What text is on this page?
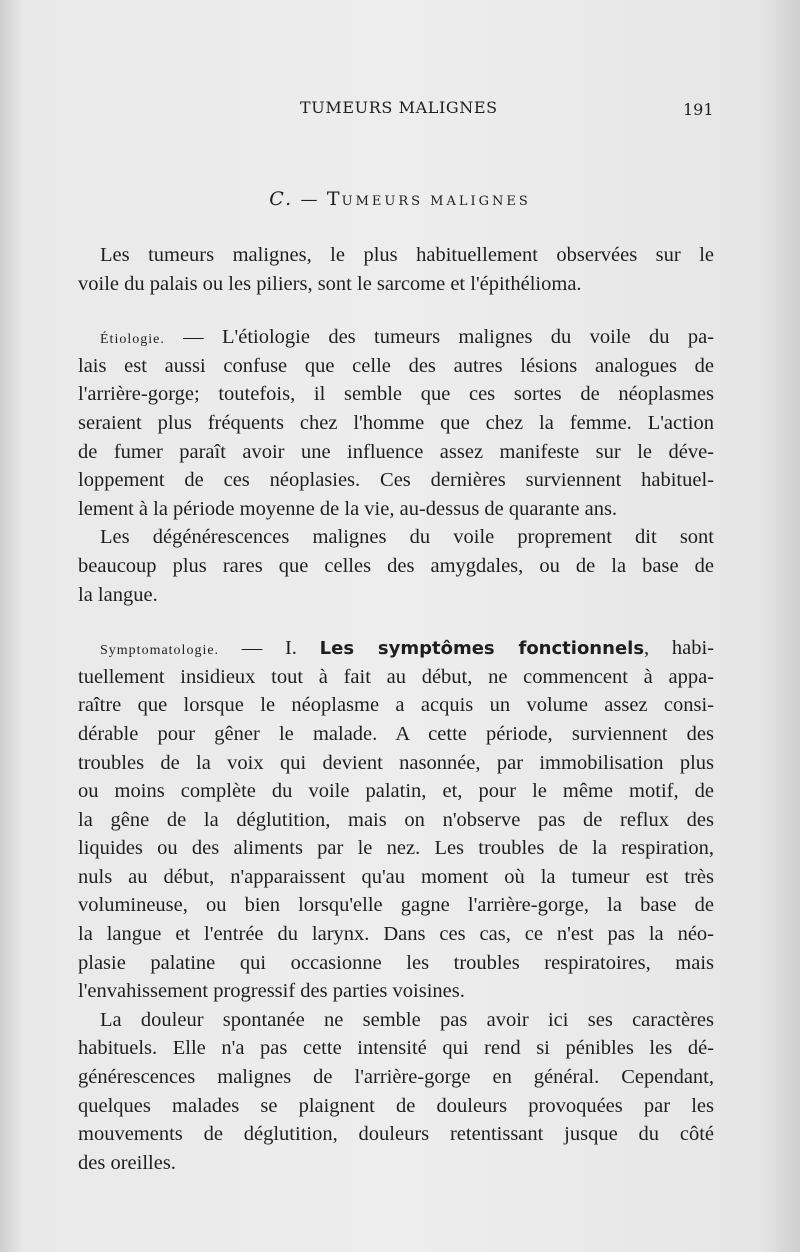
TUMEURS MALIGNES	191
C. — TUMEURS MALIGNES
Les tumeurs malignes, le plus habituellement observées sur le
voile du palais ou les piliers, sont le sarcome et l'épithélioma.
Étiologie. — L'étiologie des tumeurs malignes du voile du pa-
lais est aussi confuse que celle des autres lésions analogues de
l'arrière-gorge; toutefois, il semble que ces sortes de néoplasmes
seraient plus fréquents chez l'homme que chez la femme. L'action
de fumer paraît avoir une influence assez manifeste sur le déve-
loppement de ces néoplasies. Ces dernières surviennent habituel-
lement à la période moyenne de la vie, au-dessus de quarante ans.
Les dégénérescences malignes du voile proprement dit sont
beaucoup plus rares que celles des amygdales, ou de la base de
la langue.
Symptomatologie. — I. Les symptômes fonctionnels, habi-
tuellement insidieux tout à fait au début, ne commencent à appa-
raître que lorsque le néoplasme a acquis un volume assez consi-
dérable pour gêner le malade. A cette période, surviennent des
troubles de la voix qui devient nasonnée, par immobilisation plus
ou moins complète du voile palatin, et, pour le même motif, de
la gêne de la déglutition, mais on n'observe pas de reflux des
liquides ou des aliments par le nez. Les troubles de la respiration,
nuls au début, n'apparaissent qu'au moment où la tumeur est très
volumineuse, ou bien lorsqu'elle gagne l'arrière-gorge, la base de
la langue et l'entrée du larynx. Dans ces cas, ce n'est pas la néo-
plasie palatine qui occasionne les troubles respiratoires, mais
l'envahissement progressif des parties voisines.
La douleur spontanée ne semble pas avoir ici ses caractères
habituels. Elle n'a pas cette intensité qui rend si pénibles les dé-
générescences malignes de l'arrière-gorge en général. Cependant,
quelques malades se plaignent de douleurs provoquées par les
mouvements de déglutition, douleurs retentissant jusque du côté
des oreilles.
